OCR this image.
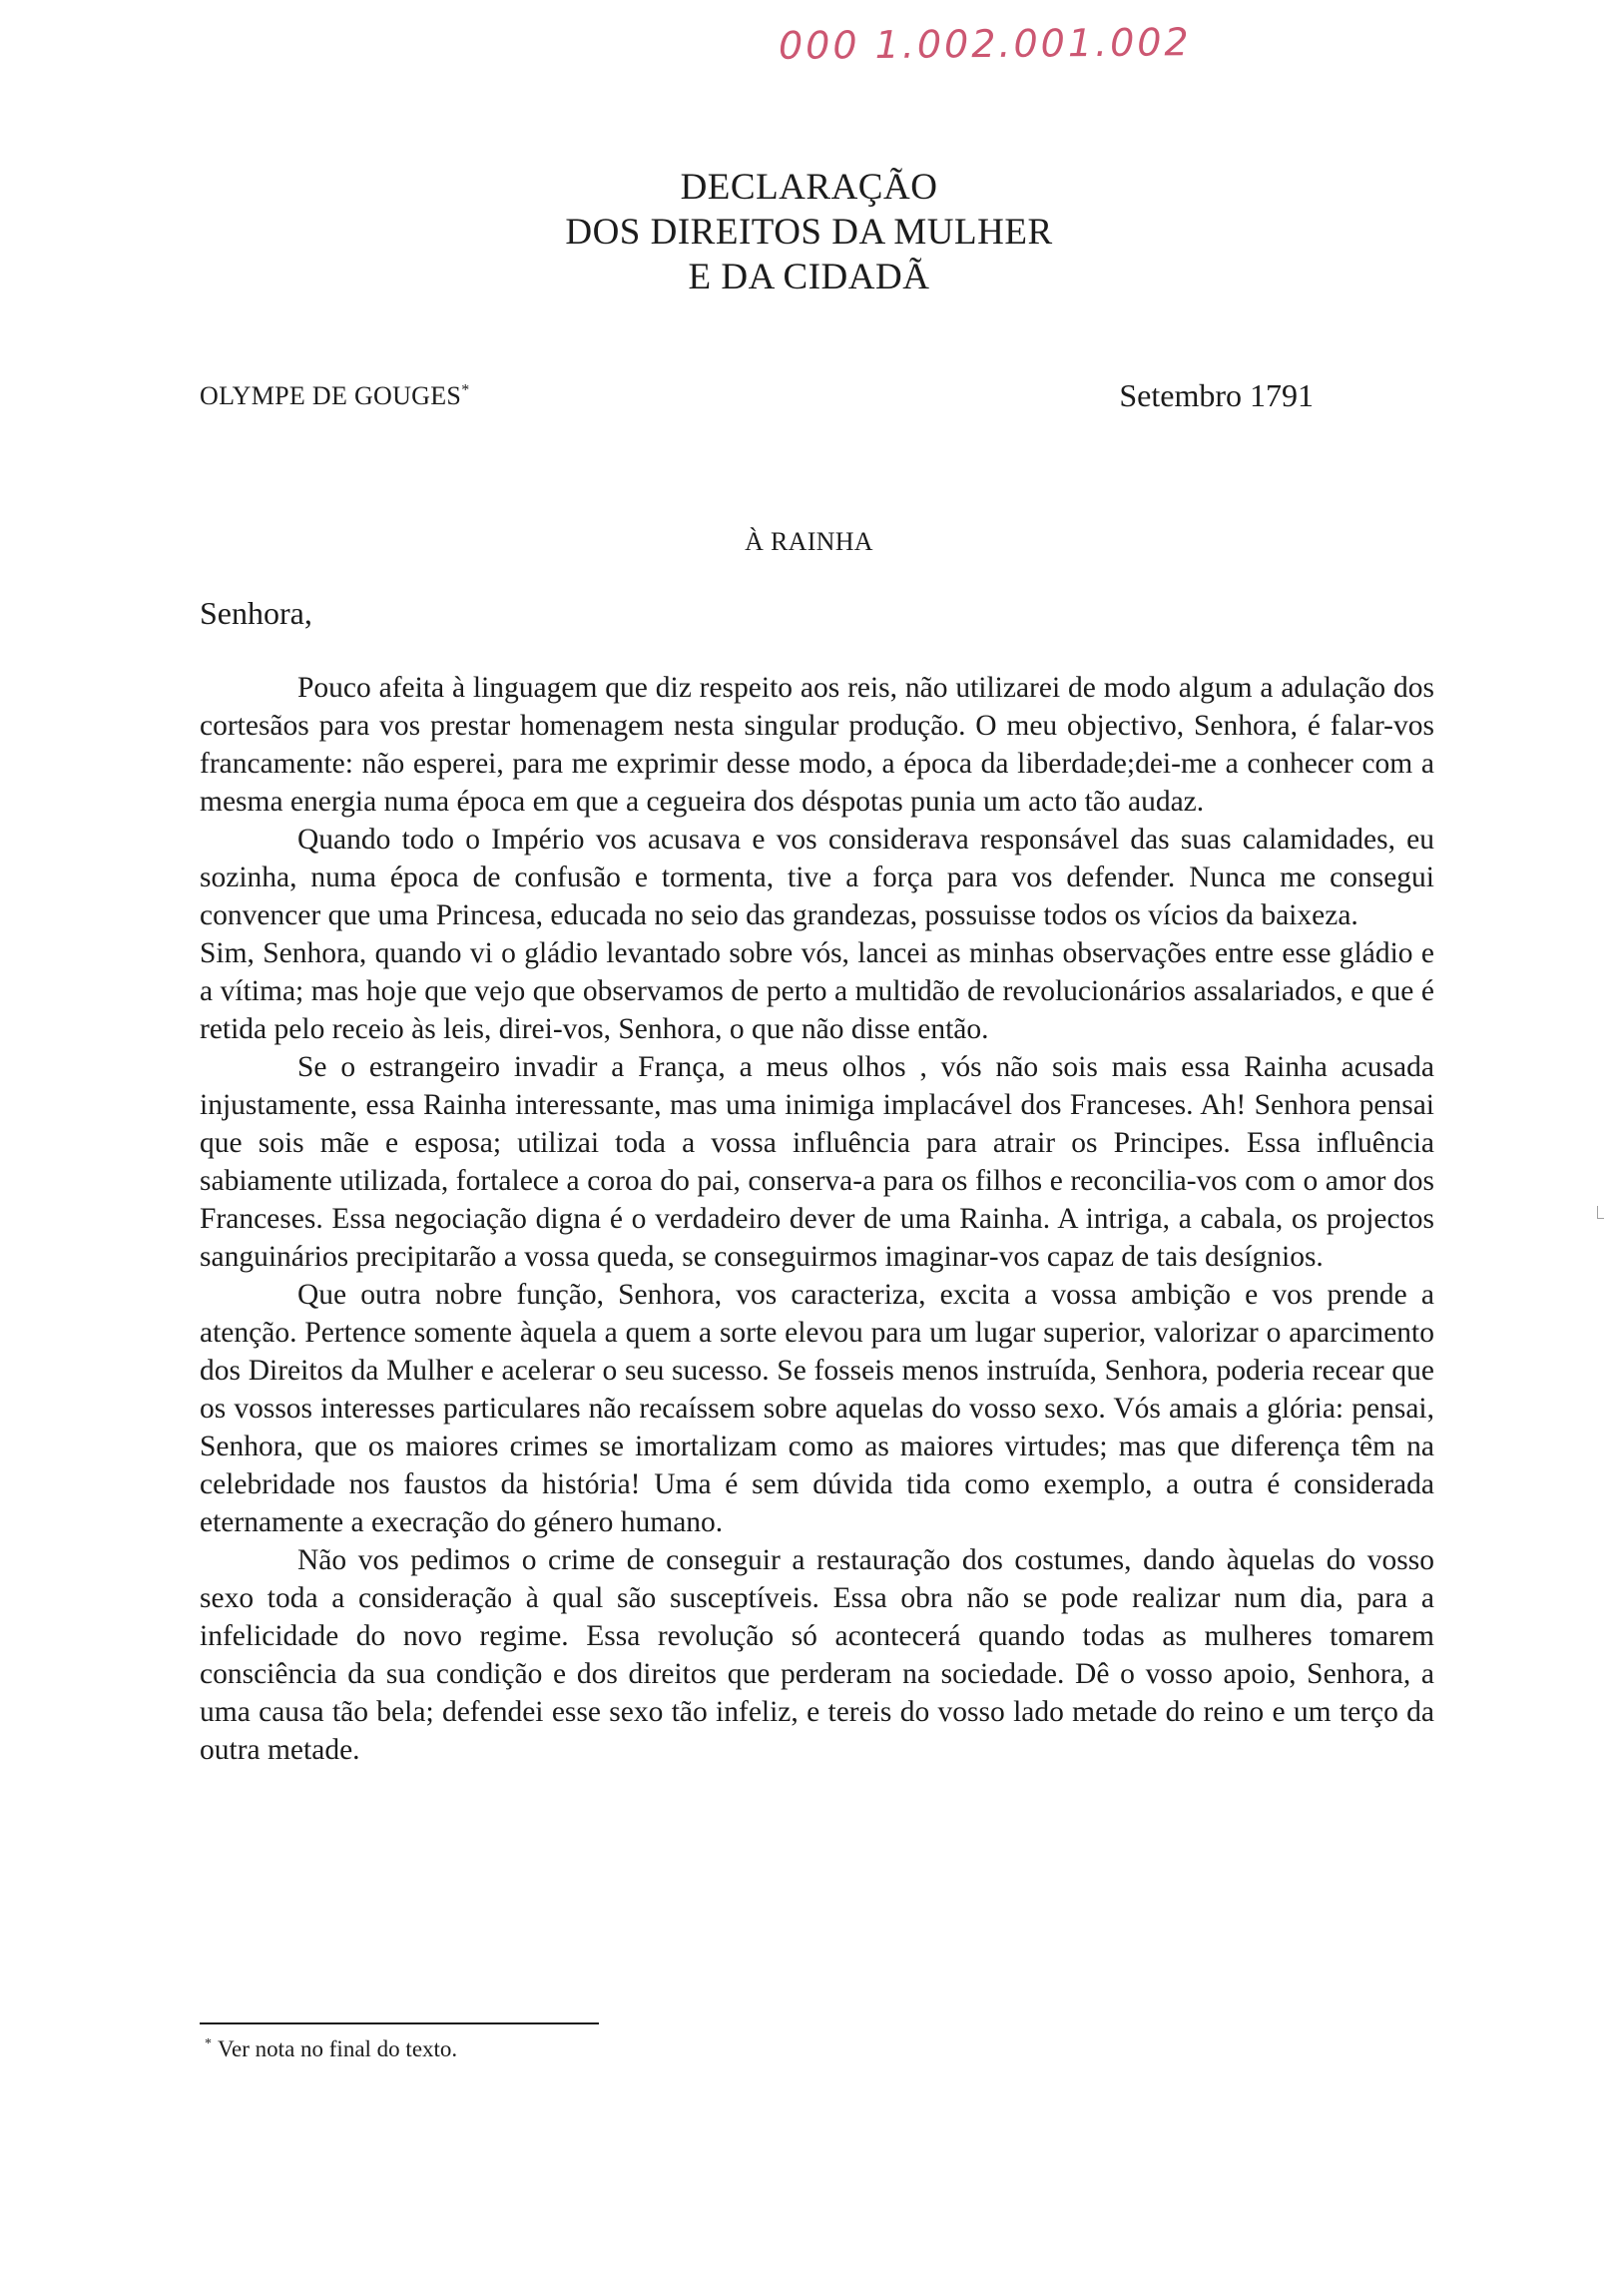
000 1.002.001.002
DECLARAÇÃO
DOS DIREITOS DA MULHER
E DA CIDADÃ
OLYMPE DE GOUGES*	Setembro 1791
À RAINHA
Senhora,

Pouco afeita à linguagem que diz respeito aos reis, não utilizarei de modo algum a adulação dos cortesãos para vos prestar homenagem nesta singular produção. O meu objectivo, Senhora, é falar-vos francamente: não esperei, para me exprimir desse modo, a época da liberdade;dei-me a conhecer com a mesma energia numa época em que a cegueira dos déspotas punia um acto tão audaz.

Quando todo o Império vos acusava e vos considerava responsável das suas calamidades, eu sozinha, numa época de confusão e tormenta, tive a força para vos defender. Nunca me consegui convencer que uma Princesa, educada no seio das grandezas, possuisse todos os vícios da baixeza.

Sim, Senhora, quando vi o gládio levantado sobre vós, lancei as minhas observações entre esse gládio e a vítima; mas hoje que vejo que observamos de perto a multidão de revolucionários assalariados, e que é retida pelo receio às leis, direi-vos, Senhora, o que não disse então.

Se o estrangeiro invadir a França, a meus olhos , vós não sois mais essa Rainha acusada injustamente, essa Rainha interessante, mas uma inimiga implacável dos Franceses. Ah! Senhora pensai que sois mãe e esposa; utilizai toda a vossa influência para atrair os Principes. Essa influência sabiamente utilizada, fortalece a coroa do pai, conserva-a para os filhos e reconcilia-vos com o amor dos Franceses. Essa negociação digna é o verdadeiro dever de uma Rainha. A intriga, a cabala, os projectos sanguinários precipitarão a vossa queda, se conseguirmos imaginar-vos capaz de tais desígnios.

Que outra nobre função, Senhora, vos caracteriza, excita a vossa ambição e vos prende a atenção. Pertence somente àquela a quem a sorte elevou para um lugar superior, valorizar o aparcimento dos Direitos da Mulher e acelerar o seu sucesso. Se fosseis menos instruída, Senhora, poderia recear que os vossos interesses particulares não recaíssem sobre aquelas do vosso sexo. Vós amais a glória: pensai, Senhora, que os maiores crimes se imortalizam como as maiores virtudes; mas que diferença têm na celebridade nos faustos da história! Uma é sem dúvida tida como exemplo, a outra é considerada eternamente a execração do género humano.

Não vos pedimos o crime de conseguir a restauração dos costumes, dando àquelas do vosso sexo toda a consideração à qual são susceptíveis. Essa obra não se pode realizar num dia, para a infelicidade do novo regime. Essa revolução só acontecerá quando todas as mulheres tomarem consciência da sua condição e dos direitos que perderam na sociedade. Dê o vosso apoio, Senhora, a uma causa tão bela; defendei esse sexo tão infeliz, e tereis do vosso lado metade do reino e um terço da outra metade.

* Ver nota no final do texto.
